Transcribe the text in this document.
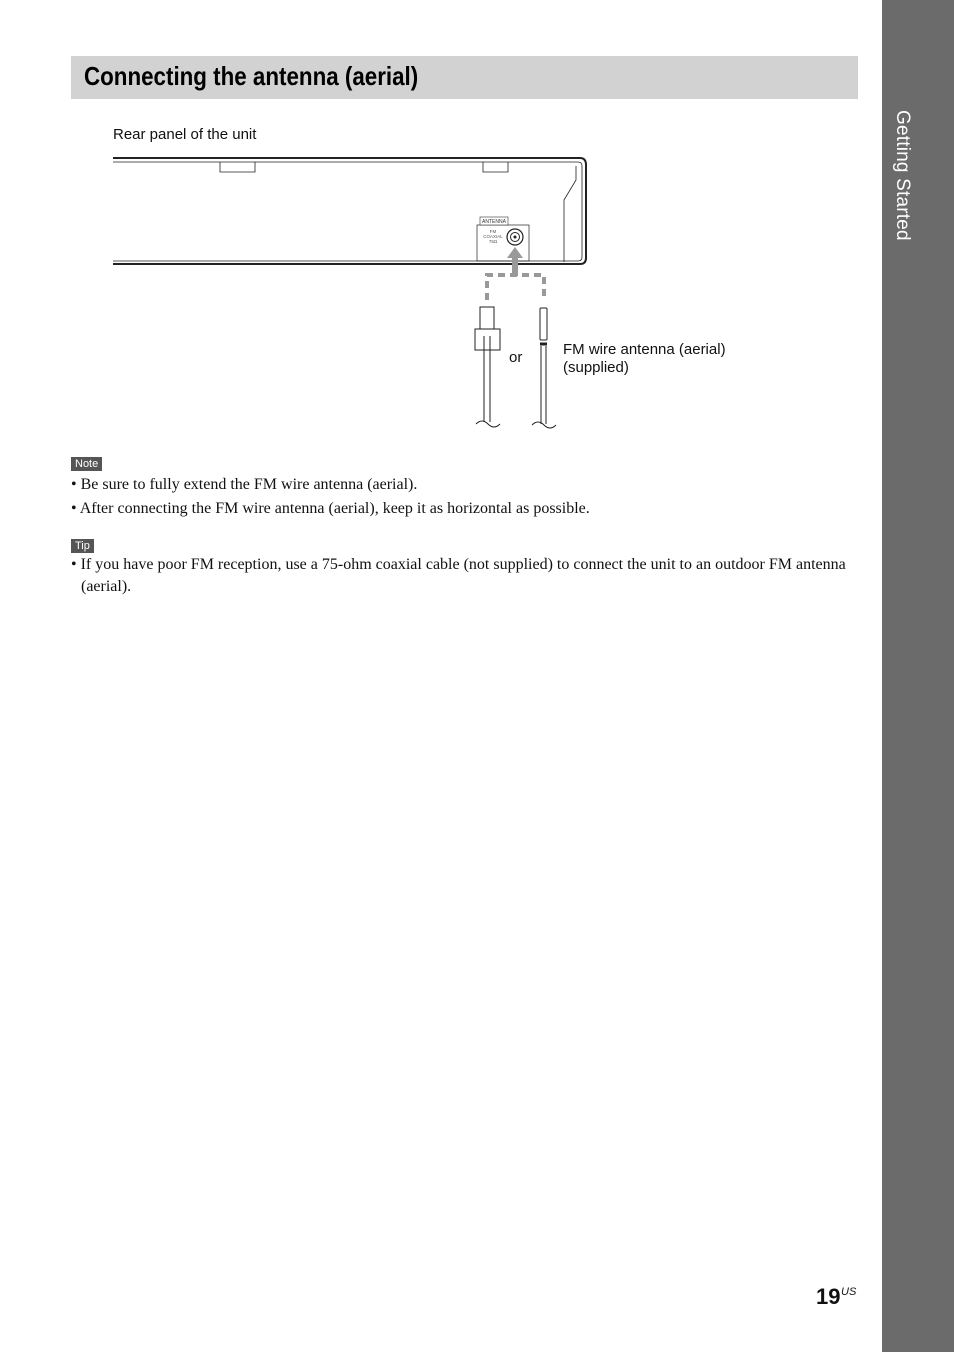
Getting Started
Connecting the antenna (aerial)
Rear panel of the unit
ANTENNA
FM
COAXIAL
75Ω
or	FM wire antenna (aerial)
(supplied)
Note
• Be sure to fully extend the FM wire antenna (aerial).
• After connecting the FM wire antenna (aerial), keep it as horizontal as possible.
Tip
• If you have poor FM reception, use a 75-ohm coaxial cable (not supplied) to connect the unit to an outdoor FM antenna (aerial).
19 US
